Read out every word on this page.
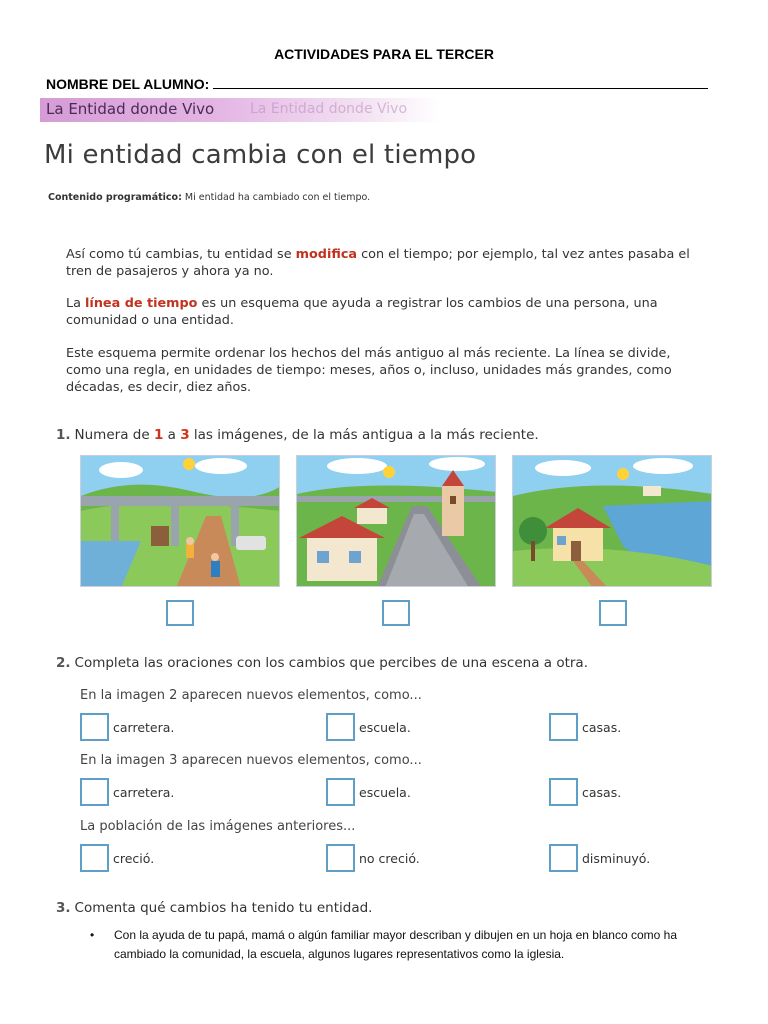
ACTIVIDADES PARA EL TERCER
NOMBRE DEL ALUMNO:
La Entidad donde Vivo	La Entidad donde Vivo
Mi entidad cambia con el tiempo
Contenido programático: Mi entidad ha cambiado con el tiempo.
Así como tú cambias, tu entidad se modifica con el tiempo; por ejemplo, tal vez antes pasaba el tren de pasajeros y ahora ya no.
La línea de tiempo es un esquema que ayuda a registrar los cambios de una persona, una comunidad o una entidad.
Este esquema permite ordenar los hechos del más antiguo al más reciente. La línea se divide, como una regla, en unidades de tiempo: meses, años o, incluso, unidades más grandes, como décadas, es decir, diez años.
1. Numera de 1 a 3 las imágenes, de la más antigua a la más reciente.
2. Completa las oraciones con los cambios que percibes de una escena a otra.
En la imagen 2 aparecen nuevos elementos, como...
carretera.	escuela.	casas.
En la imagen 3 aparecen nuevos elementos, como...
carretera.	escuela.	casas.
La población de las imágenes anteriores...
creció.	no creció.	disminuyó.
3. Comenta qué cambios ha tenido tu entidad.
•	Con la ayuda de tu papá, mamá o algún familiar mayor describan y dibujen en un hoja en blanco como ha cambiado la comunidad, la escuela, algunos lugares representativos como la iglesia.
